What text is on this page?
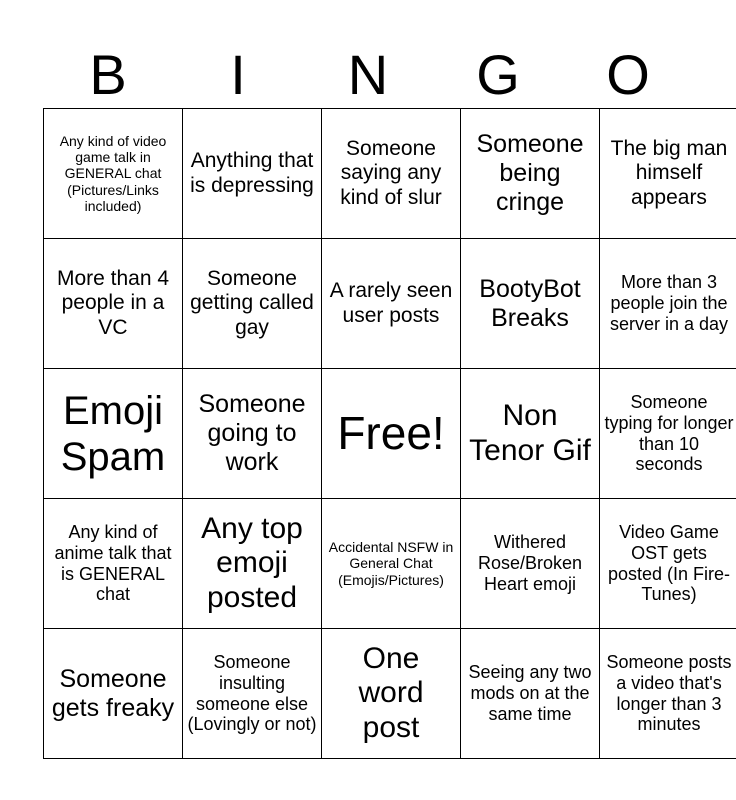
B	I	N	G	O
Any kind of video game talk in GENERAL chat (Pictures/Links included)	Anything that is depressing	Someone saying any kind of slur	Someone being cringe	The big man himself appears
More than 4 people in a VC	Someone getting called gay	A rarely seen user posts	BootyBot Breaks	More than 3 people join the server in a day
Emoji Spam	Someone going to work	Free!	Non Tenor Gif	Someone typing for longer than 10 seconds
Any kind of anime talk that is GENERAL chat	Any top emoji posted	Accidental NSFW in General Chat (Emojis/Pictures)	Withered Rose/Broken Heart emoji	Video Game OST gets posted (In Fire-Tunes)
Someone gets freaky	Someone insulting someone else (Lovingly or not)	One word post	Seeing any two mods on at the same time	Someone posts a video that's longer than 3 minutes
